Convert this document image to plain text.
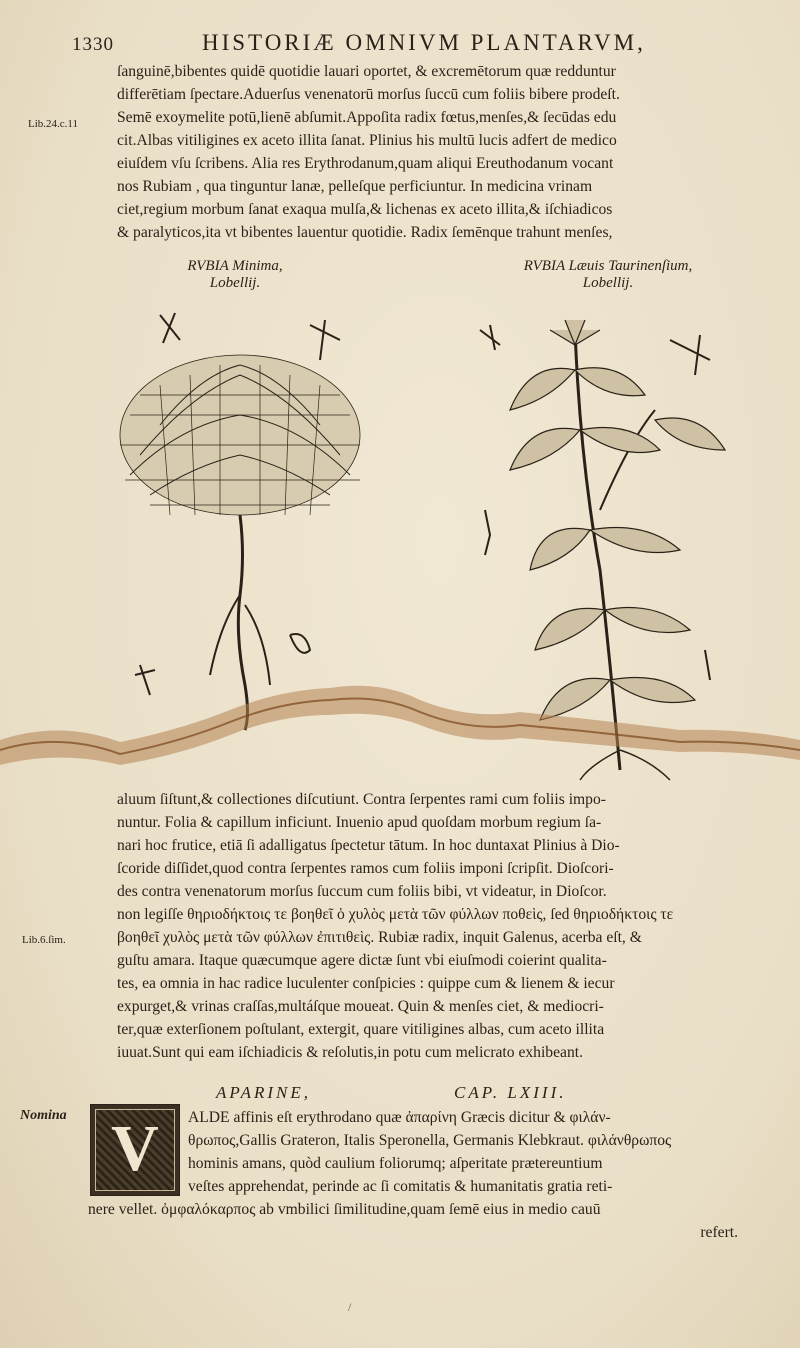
1330	HISTORIÆ OMNIVM PLANTARVM,
Lib.24.c.11

ſanguinē,bibentes quidē quotidie lauari oportet, & excremētorum quæ redduntur

differētiam ſpectare.Aduerſus venenatorū morſus ſuccū cum foliis bibere prodeſt.

Semē exoymelite potū,lienē abſumit.Appoſita radix fœtus,menſes,& ſecūdas edu

cit.Albas vitiligines ex aceto illita ſanat. Plinius his multū lucis adfert de medico

eiuſdem vſu ſcribens. Alia res Erythrodanum,quam aliqui Ereuthodanum vocant

nos Rubiam , qua tinguntur lanæ, pelleſque perficiuntur. In medicina vrinam

ciet,regium morbum ſanat exaqua mulſa,& lichenas ex aceto illita,& iſchiadicos

& paralyticos,ita vt bibentes lauentur quotidie. Radix ſemēnque trahunt menſes,

RVBIA Minima,
Lobellij.
RVBIA Læuis Taurinenſium,
Lobellij.
Lib.6.ſim.

aluum ſiſtunt,& collectiones diſcutiunt. Contra ſerpentes rami cum foliis impo-

nuntur. Folia & capillum inficiunt. Inuenio apud quoſdam morbum regium ſa-

nari hoc frutice, etiā ſi adalligatus ſpectetur tātum. In hoc duntaxat Plinius à Dio-

ſcoride diſſidet,quod contra ſerpentes ramos cum foliis imponi ſcripſit. Dioſcori-

des contra venenatorum morſus ſuccum cum foliis bibi, vt videatur, in Dioſcor.

non legiſſe θηριοδήκτοις τε βοηθεῖ ὁ χυλὸς μετὰ τῶν φύλλων ποθεὶς, ſed θηριοδήκτοις τε

βοηθεῖ χυλὸς μετὰ τῶν φύλλων ἐπιτιθεὶς. Rubiæ radix, inquit Galenus, acerba eſt, &

guſtu amara. Itaque quæcumque agere dictæ ſunt vbi eiuſmodi coierint qualita-

tes, ea omnia in hac radice luculenter conſpicies : quippe cum & lienem & iecur

expurget,& vrinas craſſas,multáſque moueat. Quin & menſes ciet, & mediocri-

ter,quæ exterſionem poſtulant, extergit, quare vitiligines albas, cum aceto illita

iuuat.Sunt qui eam iſchiadicis & reſolutis,in potu cum melicrato exhibeant.

APARINE,	CAP. LXIII.
Nomina V	ALDE affinis eſt erythrodano quæ ἀπαρίνη Græcis dicitur & φιλάν-

θρωπος,Gallis Grateron, Italis Speronella, Germanis Klebkraut. φιλάνθρωπος

hominis amans, quòd caulium foliorumq; aſperitate prætereuntium

veſtes apprehendat, perinde ac ſi comitatis & humanitatis gratia reti-

nere vellet. ὀμφαλόκαρπος ab vmbilici ſimilitudine,quam ſemē eius in medio cauū

refert.

/
